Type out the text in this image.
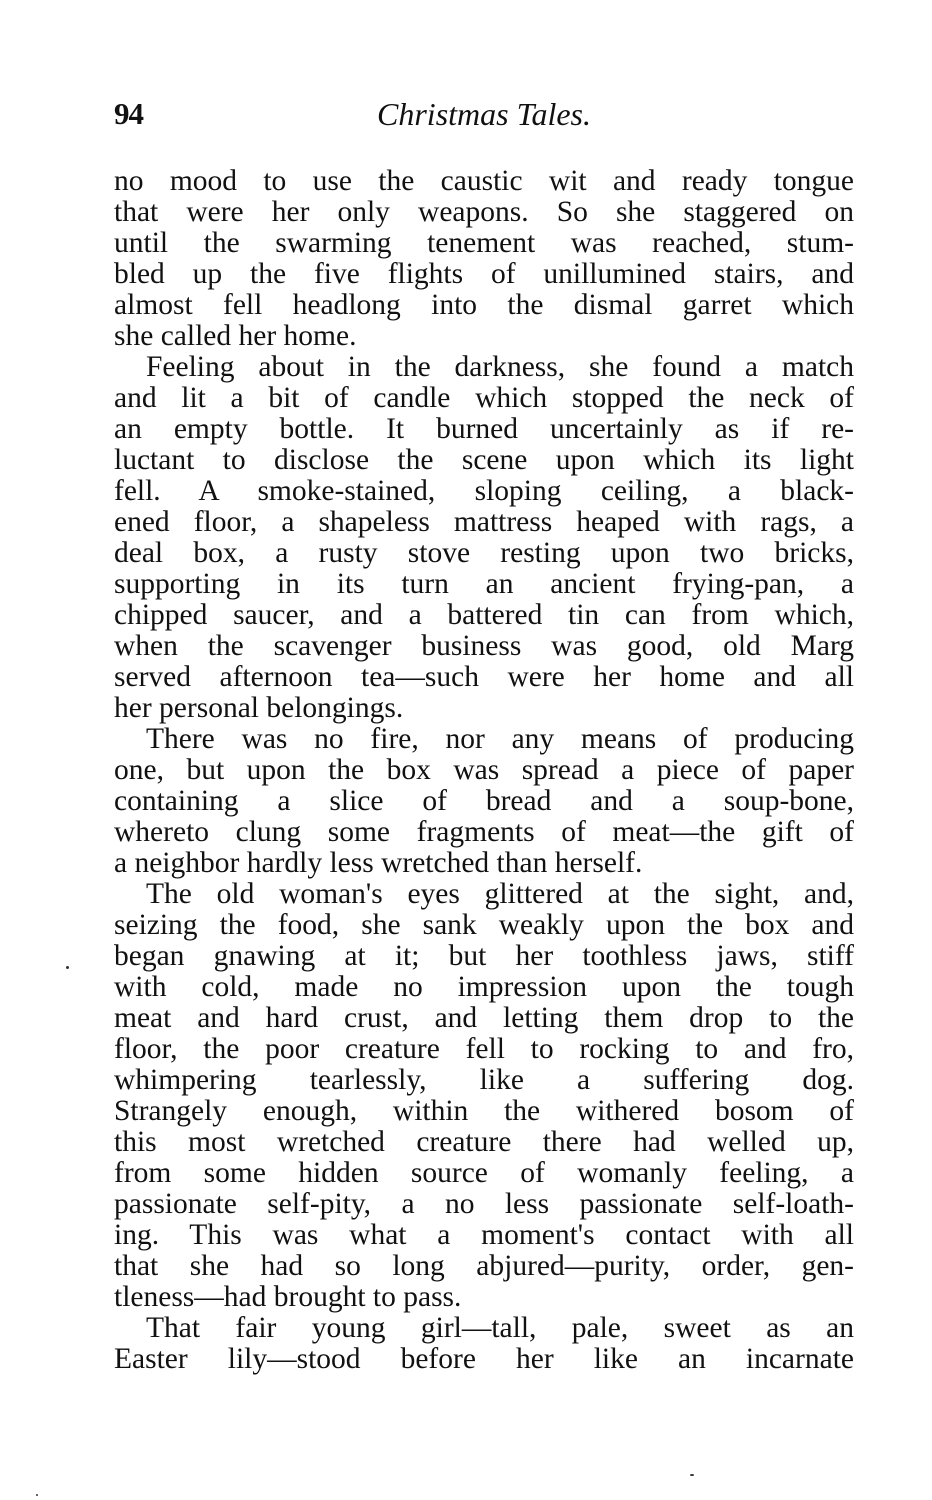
94	Christmas Tales.
no mood to use the caustic wit and ready tongue
that were her only weapons. So she staggered on
until the swarming tenement was reached, stum-
bled up the five flights of unillumined stairs, and
almost fell headlong into the dismal garret which
she called her home.
Feeling about in the darkness, she found a match
and lit a bit of candle which stopped the neck of
an empty bottle. It burned uncertainly as if re-
luctant to disclose the scene upon which its light
fell. A smoke-stained, sloping ceiling, a black-
ened floor, a shapeless mattress heaped with rags, a
deal box, a rusty stove resting upon two bricks,
supporting in its turn an ancient frying-pan, a
chipped saucer, and a battered tin can from which,
when the scavenger business was good, old Marg
served afternoon tea—such were her home and all
her personal belongings.
There was no fire, nor any means of producing
one, but upon the box was spread a piece of paper
containing a slice of bread and a soup-bone,
whereto clung some fragments of meat—the gift of
a neighbor hardly less wretched than herself.
The old woman's eyes glittered at the sight, and,
seizing the food, she sank weakly upon the box and
began gnawing at it; but her toothless jaws, stiff
with cold, made no impression upon the tough
meat and hard crust, and letting them drop to the
floor, the poor creature fell to rocking to and fro,
whimpering tearlessly, like a suffering dog.
Strangely enough, within the withered bosom of
this most wretched creature there had welled up,
from some hidden source of womanly feeling, a
passionate self-pity, a no less passionate self-loath-
ing. This was what a moment's contact with all
that she had so long abjured—purity, order, gen-
tleness—had brought to pass.
That fair young girl—tall, pale, sweet as an
Easter lily—stood before her like an incarnate
